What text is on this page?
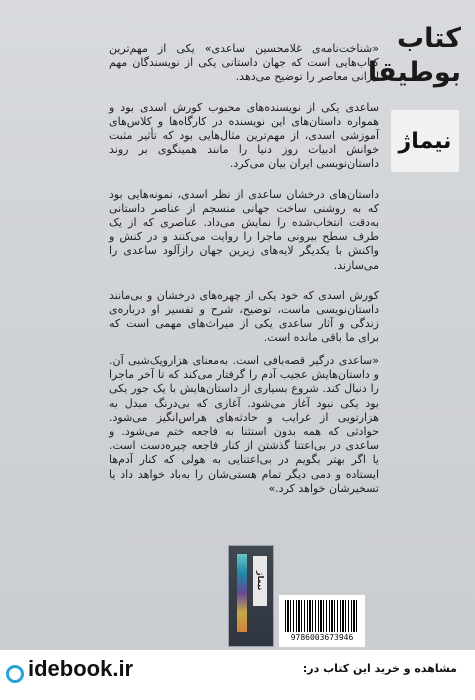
کتاب بوطیقا
نیماژ

«شناخت‌نامه‌ی غلامحسین ساعدی» یکی از مهم‌ترین کتاب‌هایی است که جهان داستانی یکی از نویسندگان مهم ایرانی معاصر را توضیح می‌دهد.

ساعدی یکی از نویسنده‌های محبوب کورش اسدی بود و همواره داستان‌های این نویسنده در کارگاه‌ها و کلاس‌های آموزشی اسدی، از مهم‌ترین مثال‌هایی بود که تأثیر مثبت خوانش ادبیات روز دنیا را مانند همینگوی بر روند داستان‌نویسی ایران بیان می‌کرد.

داستان‌های درخشان ساعدی از نظر اسدی، نمونه‌هایی بود که به روشنی ساخت جهانی منسجم از عناصر داستانی به‌دقت انتخاب‌شده را نمایش می‌داد. عناصری که از یک طرف سطح بیرونی ماجرا را روایت می‌کنند و در کنش و واکنش با یکدیگر لایه‌های زیرین جهان رازآلود ساعدی را می‌سازند.

کورش اسدی که خود یکی از چهره‌های درخشان و بی‌مانند داستان‌نویسی ماست، توضیح، شرح و تفسیر او درباره‌ی زندگی و آثار ساعدی یکی از میراث‌های مهمی است که برای ما باقی مانده است.

«ساعدی درگیر قصه‌بافی است. به‌معنای هزارویک‌شبی آن. و داستان‌هایش عجیب آدم را گرفتار می‌کند که تا آخر ماجرا را دنبال کند. شروع بسیاری از داستان‌هایش با یک جور یکی بود یکی نبود آغاز می‌شود. آغازی که بی‌درنگ مبدل به هزارتویی از غرایب و حادثه‌های هراس‌انگیز می‌شود. حوادثی که همه بدون استثنا به فاجعه ختم می‌شود. و ساعدی در بی‌اعتنا گذشتن از کنار فاجعه چیره‌دست است. یا اگر بهتر بگویم در بی‌اعتنایی به هولی که کنار آدم‌ها ایستاده و دمی دیگر تمام هستی‌شان را به‌باد خواهد داد یا تسخیرشان خواهد کرد.»

نیماژ
9786003673946
idebook.ir	مشاهده و خرید این کتاب در:
